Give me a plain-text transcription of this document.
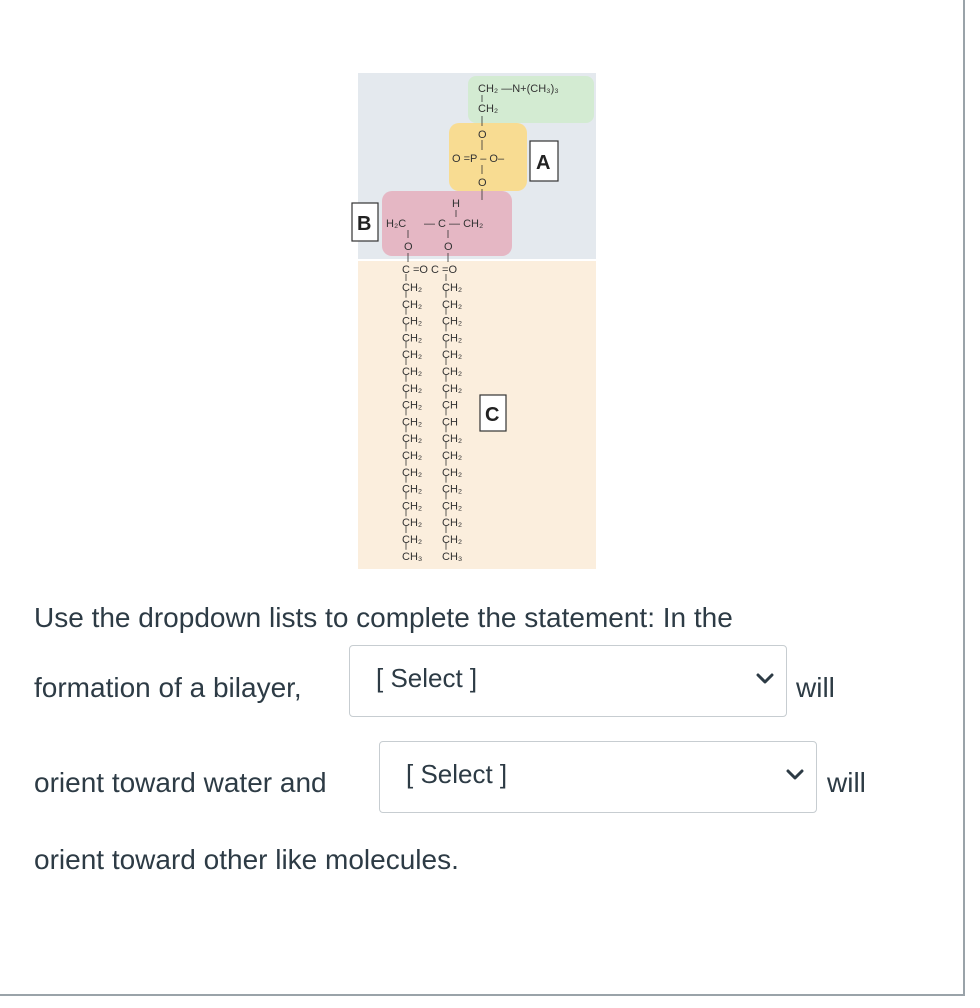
CH₂ —N+(CH₃)₃
CH₂
O
O =P – O–
O
A
H
H₂C — C — CH₂
O	O
B
C =O C =O
CH₂
CH₂
CH₂
CH₂
CH₂
CH₂
CH₂
CH₂
CH₂
CH₂
CH₂
CH₂
CH₂
CH₂
CH₂
CH₂
CH₃
CH₂
CH₂
CH₂
CH₂
CH₂
CH₂
CH₂
CH
CH
CH₂
CH₂
CH₂
CH₂
CH₂
CH₂
CH₂
CH₃
C
Use the dropdown lists to complete the statement: In the
formation of a bilayer,	[ Select ]	will
orient toward water and	[ Select ]	will
orient toward other like molecules.
